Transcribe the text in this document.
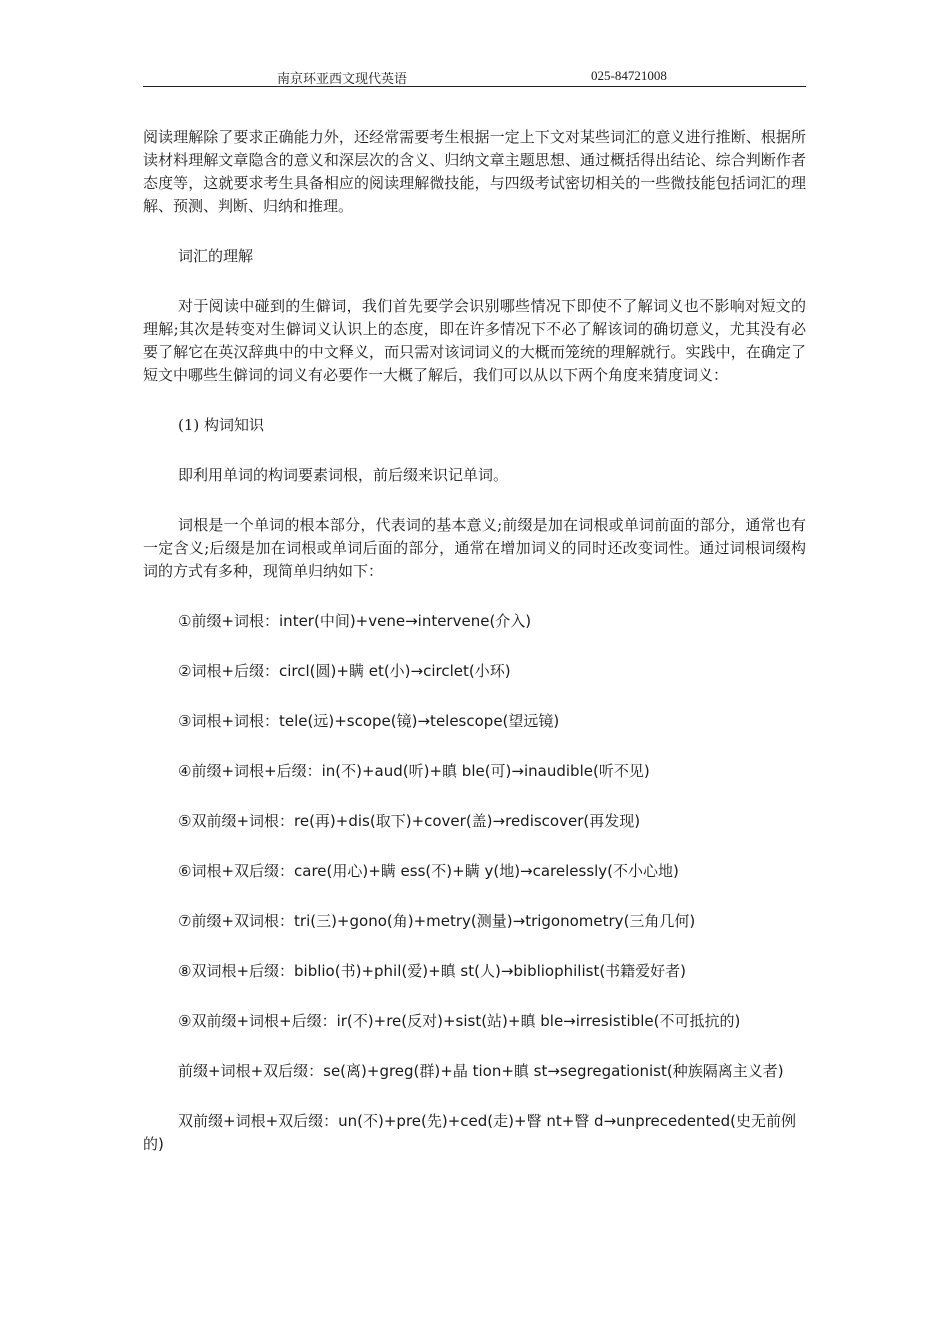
南京环亚西文现代英语	025-84721008

阅读理解除了要求正确能力外，还经常需要考生根据一定上下文对某些词汇的意义进行推断、根据所读材料理解文章隐含的意义和深层次的含义、归纳文章主题思想、通过概括得出结论、综合判断作者态度等，这就要求考生具备相应的阅读理解微技能，与四级考试密切相关的一些微技能包括词汇的理解、预测、判断、归纳和推理。

词汇的理解

对于阅读中碰到的生僻词，我们首先要学会识别哪些情况下即使不了解词义也不影响对短文的理解;其次是转变对生僻词义认识上的态度，即在许多情况下不必了解该词的确切意义，尤其没有必要了解它在英汉辞典中的中文释义，而只需对该词词义的大概而笼统的理解就行。实践中，在确定了短文中哪些生僻词的词义有必要作一大概了解后，我们可以从以下两个角度来猜度词义：

(1) 构词知识

即利用单词的构词要素词根，前后缀来识记单词。

词根是一个单词的根本部分，代表词的基本意义;前缀是加在词根或单词前面的部分，通常也有一定含义;后缀是加在词根或单词后面的部分，通常在增加词义的同时还改变词性。通过词根词缀构词的方式有多种，现简单归纳如下：

①前缀+词根：inter(中间)+vene→intervene(介入)

②词根+后缀：circl(圆)+瞒 et(小)→circlet(小环)

③词根+词根：tele(远)+scope(镜)→telescope(望远镜)

④前缀+词根+后缀：in(不)+aud(听)+瞋 ble(可)→inaudible(听不见)

⑤双前缀+词根：re(再)+dis(取下)+cover(盖)→rediscover(再发现)

⑥词根+双后缀：care(用心)+瞒 ess(不)+瞒 y(地)→carelessly(不小心地)

⑦前缀+双词根：tri(三)+gono(角)+metry(测量)→trigonometry(三角几何)

⑧双词根+后缀：biblio(书)+phil(爱)+瞋 st(人)→bibliophilist(书籍爱好者)

⑨双前缀+词根+后缀：ir(不)+re(反对)+sist(站)+瞋 ble→irresistible(不可抵抗的)

前缀+词根+双后缀：se(离)+greg(群)+晶 tion+瞋 st→segregationist(种族隔离主义者)

双前缀+词根+双后缀：un(不)+pre(先)+ced(走)+瞖 nt+瞖 d→unprecedented(史无前例的)
